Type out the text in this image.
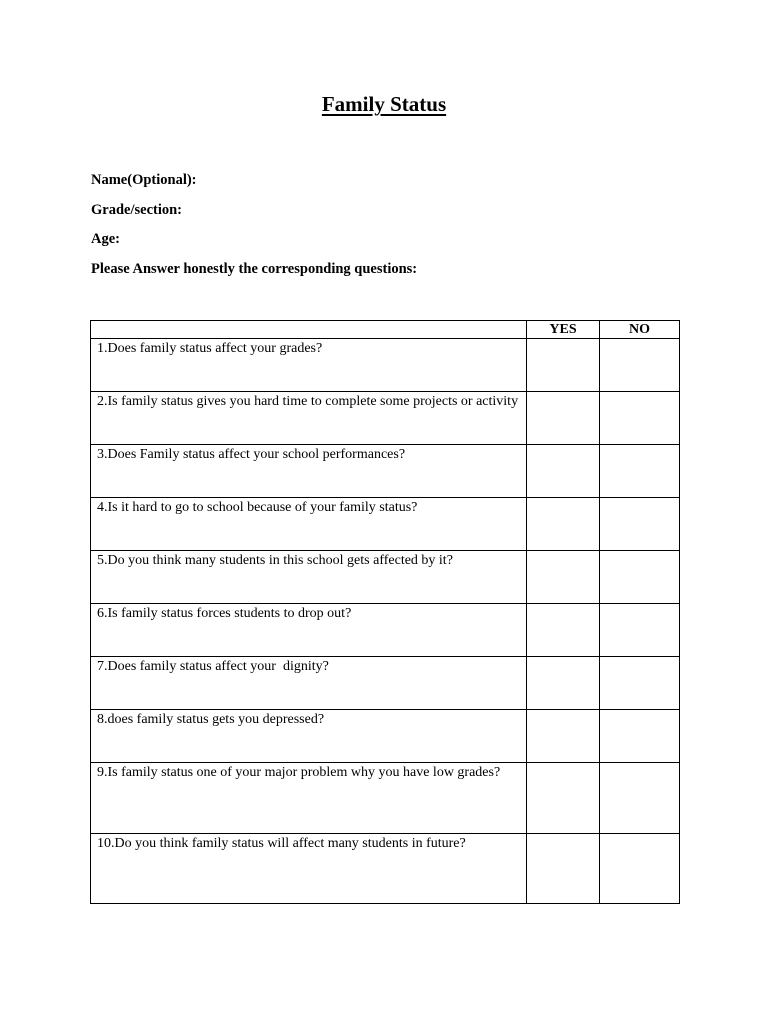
Family Status
Name(Optional):
Grade/section:
Age:
Please Answer honestly the corresponding questions:
	YES	NO
1.Does family status affect your grades?		
2.Is family status gives you hard time to complete some projects or activity		
3.Does Family status affect your school performances?		
4.Is it hard to go to school because of your family status?		
5.Do you think many students in this school gets affected by it?		
6.Is family status forces students to drop out?		
7.Does family status affect your  dignity?		
8.does family status gets you depressed?		
9.Is family status one of your major problem why you have low grades?		
10.Do you think family status will affect many students in future?		
